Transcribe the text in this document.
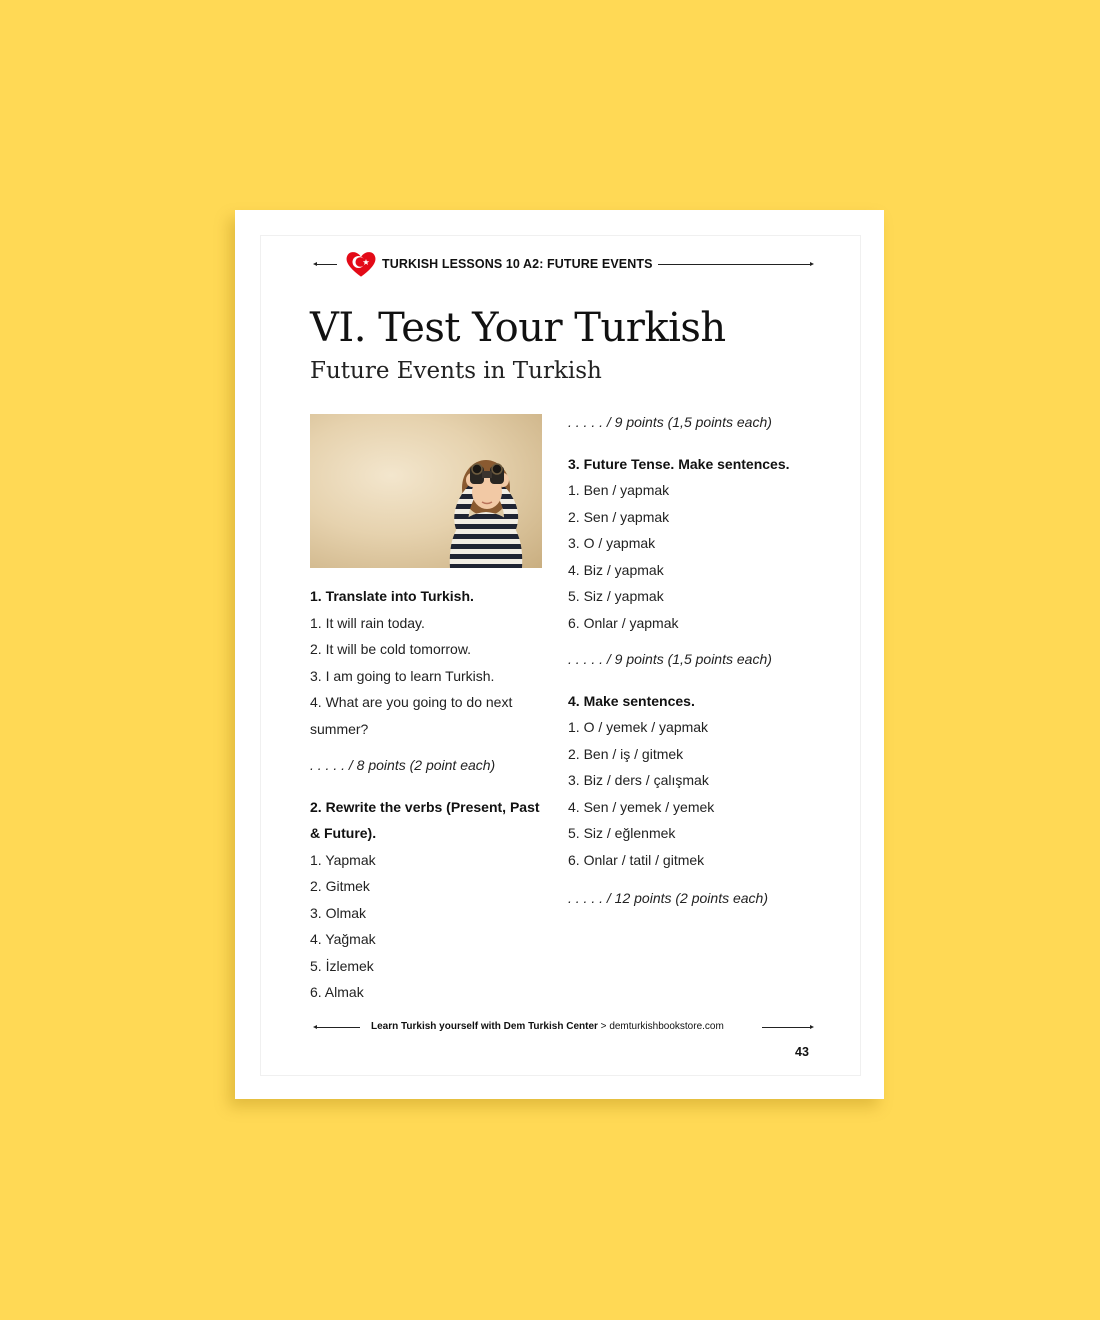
TURKISH LESSONS 10 A2: FUTURE EVENTS
VI. Test Your Turkish
Future Events in Turkish
1. Translate into Turkish.
1. It will rain today.
2. It will be cold tomorrow.
3. I am going to learn Turkish.
4. What are you going to do next
summer?
. . . . . / 8 points (2 point each)
2. Rewrite the verbs (Present, Past
& Future).
1. Yapmak
2. Gitmek
3. Olmak
4. Yağmak
5. İzlemek
6. Almak
. . . . . / 9 points (1,5 points each)
3. Future Tense. Make sentences.
1. Ben / yapmak
2. Sen / yapmak
3. O / yapmak
4. Biz / yapmak
5. Siz / yapmak
6. Onlar / yapmak
. . . . . / 9 points (1,5 points each)
4. Make sentences.
1. O / yemek / yapmak
2. Ben / iş / gitmek
3. Biz / ders / çalışmak
4. Sen / yemek / yemek
5. Siz / eğlenmek
6. Onlar / tatil / gitmek
. . . . . / 12 points (2 points each)
Learn Turkish yourself with Dem Turkish Center > demturkishbookstore.com
43
